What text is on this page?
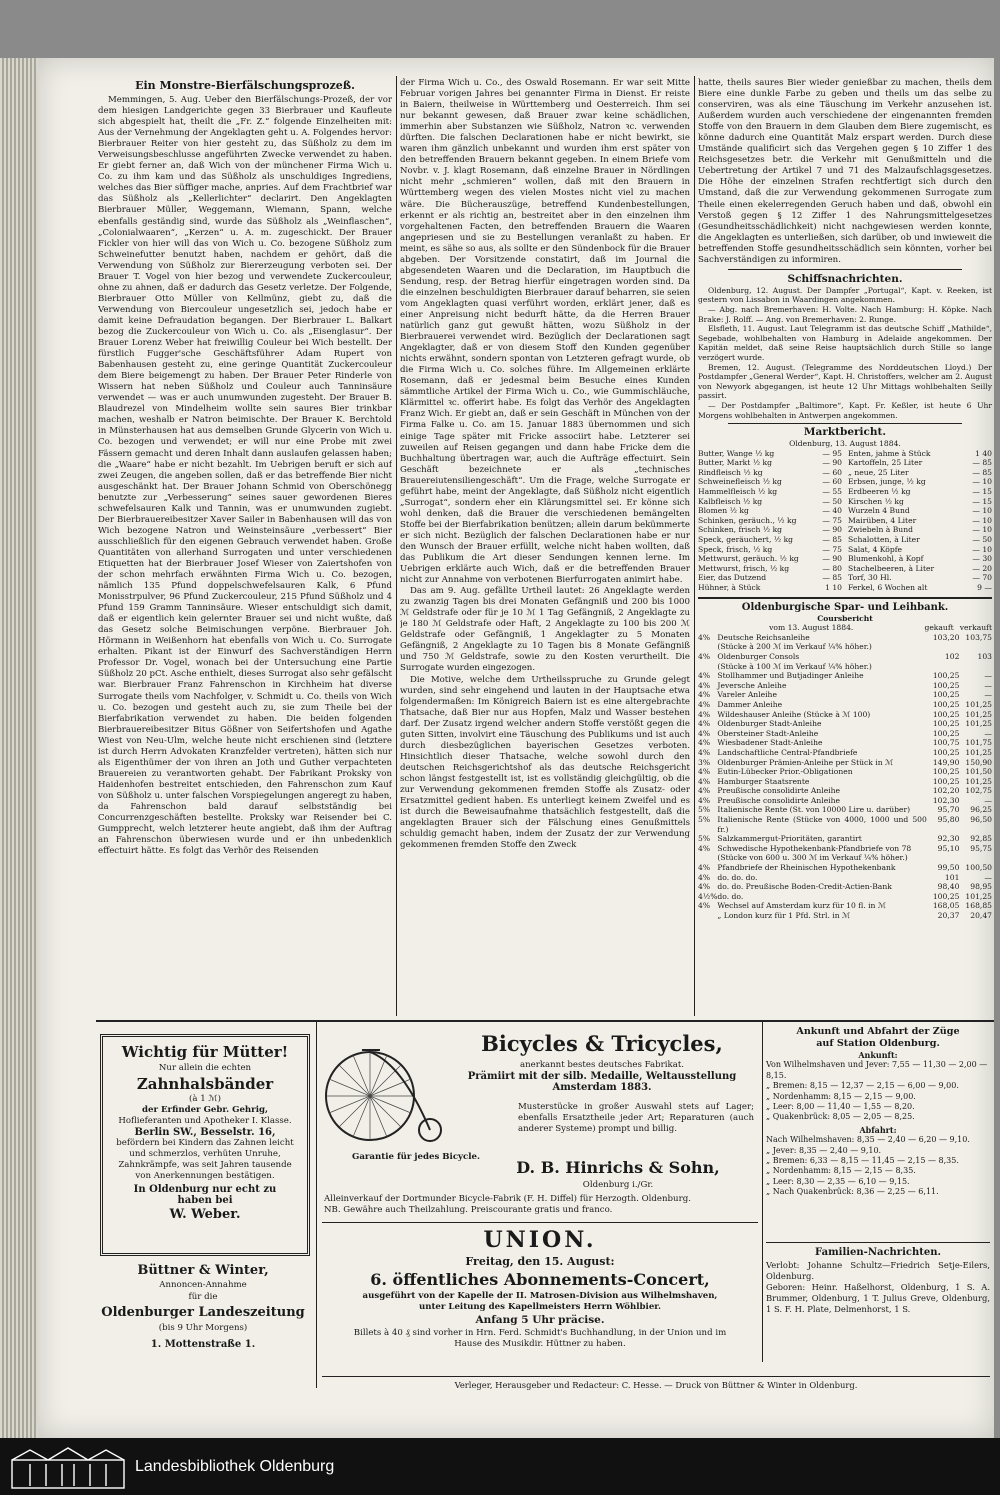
Ein Monstre-Bierfälschungsprozeß.

Memmingen, 5. Aug. Ueber den Bierfälschungs-Prozeß, der vor dem hiesigen Landgerichte gegen 33 Bierbrauer und Kaufleute sich abgespielt hat, theilt die „Fr. Z.“ folgende Einzelheiten mit: Aus der Vernehmung der Angeklagten geht u. A. Folgendes hervor: Bierbrauer Reiter von hier gesteht zu, das Süßholz zu dem im Verweisungsbeschlusse angeführten Zwecke verwendet zu haben. Er giebt ferner an, daß Wich von der münchener Firma Wich u. Co. zu ihm kam und das Süßholz als unschuldiges Ingrediens, welches das Bier süffiger mache, anpries. Auf dem Frachtbrief war das Süßholz als „Kellerlichter“ declarirt. Den Angeklagten Bierbrauer Müller, Weggemann, Wiemann, Spann, welche ebenfalls geständig sind, wurde das Süßholz als „Weinflaschen“, „Colonialwaaren“, „Kerzen“ u. A. m. zugeschickt. Der Brauer Fickler von hier will das von Wich u. Co. bezogene Süßholz zum Schweinefutter benutzt haben, nachdem er gehört, daß die Verwendung von Süßholz zur Biererzeugung verboten sei. Der Brauer T. Vogel von hier bezog und verwendete Zuckercouleur, ohne zu ahnen, daß er dadurch das Gesetz verletze. Der Folgende, Bierbrauer Otto Müller von Kellmünz, giebt zu, daß die Verwendung von Biercouleur ungesetzlich sei, jedoch habe er damit keine Defraudation begangen. Der Bierbrauer L. Balkart bezog die Zuckercouleur von Wich u. Co. als „Eisenglasur“. Der Brauer Lorenz Weber hat freiwillig Couleur bei Wich bestellt. Der fürstlich Fugger'sche Geschäftsführer Adam Rupert von Babenhausen gesteht zu, eine geringe Quantität Zuckercouleur dem Biere beigemengt zu haben. Der Brauer Peter Rinderle von Wissern hat neben Süßholz und Couleur auch Tanninsäure verwendet — was er auch unumwunden zugesteht. Der Brauer B. Blaudrezel von Mindelheim wollte sein saures Bier trinkbar machen, weshalb er Natron beimischte. Der Brauer K. Berchtold in Münsterhausen hat aus demselben Grunde Glycerin von Wich u. Co. bezogen und verwendet; er will nur eine Probe mit zwei Fässern gemacht und deren Inhalt dann auslaufen gelassen haben; die „Waare“ habe er nicht bezahlt. Im Uebrigen beruft er sich auf zwei Zeugen, die angeben sollen, daß er das betreffende Bier nicht ausgeschänkt hat. Der Brauer Johann Schmid von Oberschönegg benutzte zur „Verbesserung“ seines sauer gewordenen Bieres schwefelsauren Kalk und Tannin, was er unumwunden zugiebt. Der Bierbrauereibesitzer Xaver Sailer in Babenhausen will das von Wich bezogene Natron und Weinsteinsäure „verbessert“ Bier ausschließlich für den eigenen Gebrauch verwendet haben. Große Quantitäten von allerhand Surrogaten und unter verschiedenen Etiquetten hat der Bierbrauer Josef Wieser von Zaiertshofen von der schon mehrfach erwähnten Firma Wich u. Co. bezogen, nämlich 135 Pfund doppelschwefelsauren Kalk, 6 Pfund Monisstrpulver, 96 Pfund Zuckercouleur, 215 Pfund Süßholz und 4 Pfund 159 Gramm Tanninsäure. Wieser entschuldigt sich damit, daß er eigentlich kein gelernter Brauer sei und nicht wußte, daß das Gesetz solche Beimischungen verpöne. Bierbrauer Joh. Hörmann in Weißenhorn hat ebenfalls von Wich u. Co. Surrogate erhalten. Pikant ist der Einwurf des Sachverständigen Herrn Professor Dr. Vogel, wonach bei der Untersuchung eine Partie Süßholz 20 pCt. Asche enthielt, dieses Surrogat also sehr gefälscht war. Bierbrauer Franz Fahrenschon in Kirchheim hat diverse Surrogate theils vom Nachfolger, v. Schmidt u. Co. theils von Wich u. Co. bezogen und gesteht auch zu, sie zum Theile bei der Bierfabrikation verwendet zu haben. Die beiden folgenden Bierbrauereibesitzer Bitus Gößner von Seifertshofen und Agathe Wiest von Neu-Ulm, welche heute nicht erschienen sind (letztere ist durch Herrn Advokaten Kranzfelder vertreten), hätten sich nur als Eigenthümer der von ihren an Joth und Guther verpachteten Brauereien zu verantworten gehabt. Der Fabrikant Proksky von Haidenhofen bestreitet entschieden, den Fahrenschon zum Kauf von Süßholz u. unter falschen Vorspiegelungen angeregt zu haben, da Fahrenschon bald darauf selbstständig bei Concurrenzgeschäften bestellte. Proksky war Reisender bei C. Gumpprecht, welch letzterer heute angiebt, daß ihm der Auftrag an Fahrenschon überwiesen wurde und er ihn unbedenklich effectuirt hätte. Es folgt das Verhör des Reisenden

der Firma Wich u. Co., des Oswald Rosemann. Er war seit Mitte Februar vorigen Jahres bei genannter Firma in Dienst. Er reiste in Baiern, theilweise in Württemberg und Oesterreich. Ihm sei nur bekannt gewesen, daß Brauer zwar keine schädlichen, immerhin aber Substanzen wie Süßholz, Natron ꝛc. verwenden dürften. Die falschen Declarationen habe er nicht bewirkt, sie waren ihm gänzlich unbekannt und wurden ihm erst später von den betreffenden Brauern bekannt gegeben. In einem Briefe vom Novbr. v. J. klagt Rosemann, daß einzelne Brauer in Nördlingen nicht mehr „schmieren“ wollen, daß mit den Brauern in Württemberg wegen des vielen Mostes nicht viel zu machen wäre. Die Bücherauszüge, betreffend Kundenbestellungen, erkennt er als richtig an, bestreitet aber in den einzelnen ihm vorgehaltenen Facten, den betreffenden Brauern die Waaren angepriesen und sie zu Bestellungen veranlaßt zu haben. Er meint, es sähe so aus, als sollte er den Sündenbock für die Brauer abgeben. Der Vorsitzende constatirt, daß im Journal die abgesendeten Waaren und die Declaration, im Hauptbuch die Sendung, resp. der Betrag hierfür eingetragen worden sind. Da die einzelnen beschuldigten Bierbrauer darauf beharren, sie seien vom Angeklagten quasi verführt worden, erklärt jener, daß es einer Anpreisung nicht bedurft hätte, da die Herren Brauer natürlich ganz gut gewußt hätten, wozu Süßholz in der Bierbrauerei verwendet wird. Bezüglich der Declarationen sagt Angeklagter, daß er von diesem Stoff den Kunden gegenüber nichts erwähnt, sondern spontan von Letzteren gefragt wurde, ob die Firma Wich u. Co. solches führe. Im Allgemeinen erklärte Rosemann, daß er jedesmal beim Besuche eines Kunden sämmtliche Artikel der Firma Wich u. Co., wie Gummischläuche, Klärmittel ꝛc. offerirt habe. Es folgt das Verhör des Angeklagten Franz Wich. Er giebt an, daß er sein Geschäft in München von der Firma Falke u. Co. am 15. Januar 1883 übernommen und sich einige Tage später mit Fricke associirt habe. Letzterer sei zuweilen auf Reisen gegangen und dann habe Fricke dem die Buchhaltung übertragen war, auch die Aufträge effectuirt. Sein Geschäft bezeichnete er als „technisches Brauereiutensiliengeschäft“. Um die Frage, welche Surrogate er geführt habe, meint der Angeklagte, daß Süßholz nicht eigentlich „Surrogat“, sondern eher ein Klärungsmittel sei. Er könne sich wohl denken, daß die Brauer die verschiedenen bemängelten Stoffe bei der Bierfabrikation benützen; allein darum bekümmerte er sich nicht. Bezüglich der falschen Declarationen habe er nur den Wunsch der Brauer erfüllt, welche nicht haben wollten, daß das Publikum die Art dieser Sendungen kennen lerne. Im Uebrigen erklärte auch Wich, daß er die betreffenden Brauer nicht zur Annahme von verbotenen Bierfurrogaten animirt habe.

Das am 9. Aug. gefällte Urtheil lautet: 26 Angeklagte werden zu zwanzig Tagen bis drei Monaten Gefängniß und 200 bis 1000 ℳ Geldstrafe oder für je 10 ℳ 1 Tag Gefängniß, 2 Angeklagte zu je 180 ℳ Geldstrafe oder Haft, 2 Angeklagte zu 100 bis 200 ℳ Geldstrafe oder Gefängniß, 1 Angeklagter zu 5 Monaten Gefängniß, 2 Angeklagte zu 10 Tagen bis 8 Monate Gefängniß und 750 ℳ Geldstrafe, sowie zu den Kosten verurtheilt. Die Surrogate wurden eingezogen.

Die Motive, welche dem Urtheilsspruche zu Grunde gelegt wurden, sind sehr eingehend und lauten in der Hauptsache etwa folgendermaßen: Im Königreich Baiern ist es eine altergebrachte Thatsache, daß Bier nur aus Hopfen, Malz und Wasser bestehen darf. Der Zusatz irgend welcher andern Stoffe verstößt gegen die guten Sitten, involvirt eine Täuschung des Publikums und ist auch durch diesbezüglichen bayerischen Gesetzes verboten. Hinsichtlich dieser Thatsache, welche sowohl durch den deutschen Reichsgerichtshof als das deutsche Reichsgericht schon längst festgestellt ist, ist es vollständig gleichgültig, ob die zur Verwendung gekommenen fremden Stoffe als Zusatz- oder Ersatzmittel gedient haben. Es unterliegt keinem Zweifel und es ist durch die Beweisaufnahme thatsächlich festgestellt, daß die angeklagten Brauer sich der Fälschung eines Genußmittels schuldig gemacht haben, indem der Zusatz der zur Verwendung gekommenen fremden Stoffe den Zweck

hatte, theils saures Bier wieder genießbar zu machen, theils dem Biere eine dunkle Farbe zu geben und theils um das selbe zu conserviren, was als eine Täuschung im Verkehr anzusehen ist. Außerdem wurden auch verschiedene der eingenannten fremden Stoffe von den Brauern in dem Glauben dem Biere zugemischt, es könne dadurch eine Quantität Malz erspart werden. Durch diese Umstände qualificirt sich das Vergehen gegen § 10 Ziffer 1 des Reichsgesetzes betr. die Verkehr mit Genußmitteln und die Uebertretung der Artikel 7 und 71 des Malzaufschlagsgesetzes. Die Höhe der einzelnen Strafen rechtfertigt sich durch den Umstand, daß die zur Verwendung gekommenen Surrogate zum Theile einen ekelerregenden Geruch haben und daß, obwohl ein Verstoß gegen § 12 Ziffer 1 des Nahrungsmittelgesetzes (Gesundheitsschädlichkeit) nicht nachgewiesen werden konnte, die Angeklagten es unterließen, sich darüber, ob und inwieweit die betreffenden Stoffe gesundheitsschädlich sein könnten, vorher bei Sachverständigen zu informiren.

Schiffsnachrichten.

Oldenburg, 12. August. Der Dampfer „Portugal“, Kapt. v. Reeken, ist gestern von Lissabon in Waardingen angekommen.

— Abg. nach Bremerhaven: H. Volte. Nach Hamburg: H. Köpke. Nach Brake: J. Rolff. — Ang. von Bremerhaven: 2. Runge.

Elsfleth, 11. August. Laut Telegramm ist das deutsche Schiff „Mathilde“, Segebade, wohlbehalten von Hamburg in Adelaide angekommen. Der Kapitän meldet, daß seine Reise hauptsächlich durch Stille so lange verzögert wurde.

Bremen, 12. August. (Telegramme des Norddeutschen Lloyd.) Der Postdampfer „General Werder“, Kapt. H. Christoffers, welcher am 2. August von Newyork abgegangen, ist heute 12 Uhr Mittags wohlbehalten Seilly passirt.

— Der Postdampfer „Baltimore“, Kapt. Fr. Keßler, ist heute 6 Uhr Morgens wohlbehalten in Antwerpen angekommen.

Marktbericht.
Oldenburg, 13. August 1884.
Butter, Wange ½ kg	— 95
Butter, Markt ½ kg	— 90
Rindfleisch ½ kg	— 60
Schweinefleisch ½ kg	— 60
Hammelfleisch ½ kg	— 55
Kalbfleisch ½ kg	— 50
Blomen ½ kg	— 40
Schinken, geräuch., ½ kg	— 75
Schinken, frisch ½ kg	— 90
Speck, geräuchert, ½ kg	— 85
Speck, frisch, ½ kg	— 75
Mettwurst, geräuch. ½ kg	— 90
Mettwurst, frisch, ½ kg	— 80
Eier, das Dutzend	— 85
Hühner, à Stück	1 10
Enten, jahme à Stück	1 40
Kartoffeln, 25 Liter	— 85
„ neue, 25 Liter	— 85
Erbsen, junge, ½ kg	— 10
Erdbeeren ½ kg	— 15
Kirschen ½ kg	— 15
Wurzeln 4 Bund	— 10
Mairüben, 4 Liter	— 10
Zwiebeln à Bund	— 10
Schalotten, à Liter	— 50
Salat, 4 Köpfe	— 10
Blumenkohl, à Kopf	— 30
Stachelbeeren, à Liter	— 20
Torf, 30 Hl.	— 70
Ferkel, 6 Wochen alt	9 —
Oldenburgische Spar- und Leihbank.
Coursbericht
vom 13. August 1884.	gekauft verkauft
4%	Deutsche Reichsanleihe	103,20	103,75
	(Stücke à 200 ℳ im Verkauf ¼% höher.)		
4%	Oldenburger Consols	102	103
	(Stücke à 100 ℳ im Verkauf ¼% höher.)		
4%	Stollhammer und Butjadinger Anleihe	100,25	—
4%	Jeversche Anleihe	100,25	—
4%	Vareler Anleihe	100,25	—
4%	Dammer Anleihe	100,25	101,25
4%	Wildeshauser Anleihe (Stücke à ℳ 100)	100,25	101,25
4%	Oldenburger Stadt-Anleihe	100,25	101,25
4%	Obersteiner Stadt-Anleihe	100,25	—
4%	Wiesbadener Stadt-Anleihe	100,75	101,75
4%	Landschaftliche Central-Pfandbriefe	100,25	101,25
3%	Oldenburger Prämien-Anleihe per Stück in ℳ	149,90	150,90
4%	Eutin-Lübecker Prior.-Obligationen	100,25	101,50
4%	Hamburger Staatsrente	100,25	101,25
4%	Preußische consolidirte Anleihe	102,20	102,75
4%	Preußische consolidirte Anleihe	102,30	—
5%	Italienische Rente (St. von 10000 Lire u. darüber)	95,70	96,25
5%	Italienische Rente (Stücke von 4000, 1000 und 500 fr.)	95,80	96,50
5%	Salzkammergut-Prioritäten, garantirt	92,30	92,85
4%	Schwedische Hypothekenbank-Pfandbriefe von 78	95,10	95,75
	(Stücke von 600 u. 300 ℳ im Verkauf ¼% höher.)		
4%	Pfandbriefe der Rheinischen Hypothekenbank	99,50	100,50
4%	do. do. do.	101	—
4%	do. do. Preußische Boden-Credit-Actien-Bank	98,40	98,95
4½%	do. do.	100,25	101,25
4%	Wechsel auf Amsterdam kurz für 10 fl. in ℳ	168,05	168,85
	„ London kurz für 1 Pfd. Strl. in ℳ	20,37	20,47
Wichtig für Mütter!
Nur allein die echten
Zahnhalsbänder
(à 1 ℳ)
der Erfinder Gebr. Gehrig,
Hoflieferanten und Apotheker I. Klasse.
Berlin SW., Besselstr. 16,
befördern bei Kindern das Zahnen leicht und schmerzlos, verhüten Unruhe, Zahnkrämpfe, was seit Jahren tausende von Anerkennungen bestätigen.
In Oldenburg nur echt zu haben bei
W. Weber.
Büttner & Winter,
Annoncen-Annahme
für die
Oldenburger Landeszeitung
(bis 9 Uhr Morgens)
1. Mottenstraße 1.
Bicycles & Tricycles,
anerkannt bestes deutsches Fabrikat.
Prämiirt mit der silb. Medaille, Weltausstellung
Amsterdam 1883.
Musterstücke in großer Auswahl stets auf Lager; ebenfalls Ersatztheile jeder Art; Reparaturen (auch anderer Systeme) prompt und billig.
Garantie für jedes Bicycle.
D. B. Hinrichs & Sohn,
Oldenburg i./Gr.
Alleinverkauf der Dortmunder Bicycle-Fabrik (F. H. Diffel) für Herzogth. Oldenburg.
NB. Gewähre auch Theilzahlung. Preiscourante gratis und franco.
UNION.
Freitag, den 15. August:
6. öffentliches Abonnements-Concert,
ausgeführt von der Kapelle der II. Matrosen-Division aus Wilhelmshaven,
unter Leitung des Kapellmeisters Herrn Wöhlbier.
Anfang 5 Uhr präcise.
Billets à 40 ₰ sind vorher in Hrn. Ferd. Schmidt's Buchhandlung, in der Union und im Hause des Musikdir. Hüttner zu haben.
Ankunft und Abfahrt der Züge
auf Station Oldenburg.
Ankunft:
Von Wilhelmshaven und Jever: 7,55 — 11,30 — 2,00 — 8,15.
„ Bremen: 8,15 — 12,37 — 2,15 — 6,00 — 9,00.
„ Nordenhamm: 8,15 — 2,15 — 9,00.
„ Leer: 8,00 — 11,40 — 1,55 — 8,20.
„ Quakenbrück: 8,05 — 2,05 — 8,25.
Abfahrt:
Nach Wilhelmshaven: 8,35 — 2,40 — 6,20 — 9,10.
„ Jever: 8,35 — 2,40 — 9,10.
„ Bremen: 6,33 — 8,15 — 11,45 — 2,15 — 8,35.
„ Nordenhamm: 8,15 — 2,15 — 8,35.
„ Leer: 8,30 — 2,35 — 6,10 — 9,15.
„ Nach Quakenbrück: 8,36 — 2,25 — 6,11.
Familien-Nachrichten.
Verlobt: Johanne Schultz—Friedrich Setje-Eilers, Oldenburg.
Geboren: Heinr. Haßelhorst, Oldenburg, 1 S. A. Brummer, Oldenburg, 1 T. Julius Greve, Oldenburg, 1 S. F. H. Plate, Delmenhorst, 1 S.
Verleger, Herausgeber und Redacteur: C. Hesse. — Druck von Büttner & Winter in Oldenburg.
Landesbibliothek Oldenburg
